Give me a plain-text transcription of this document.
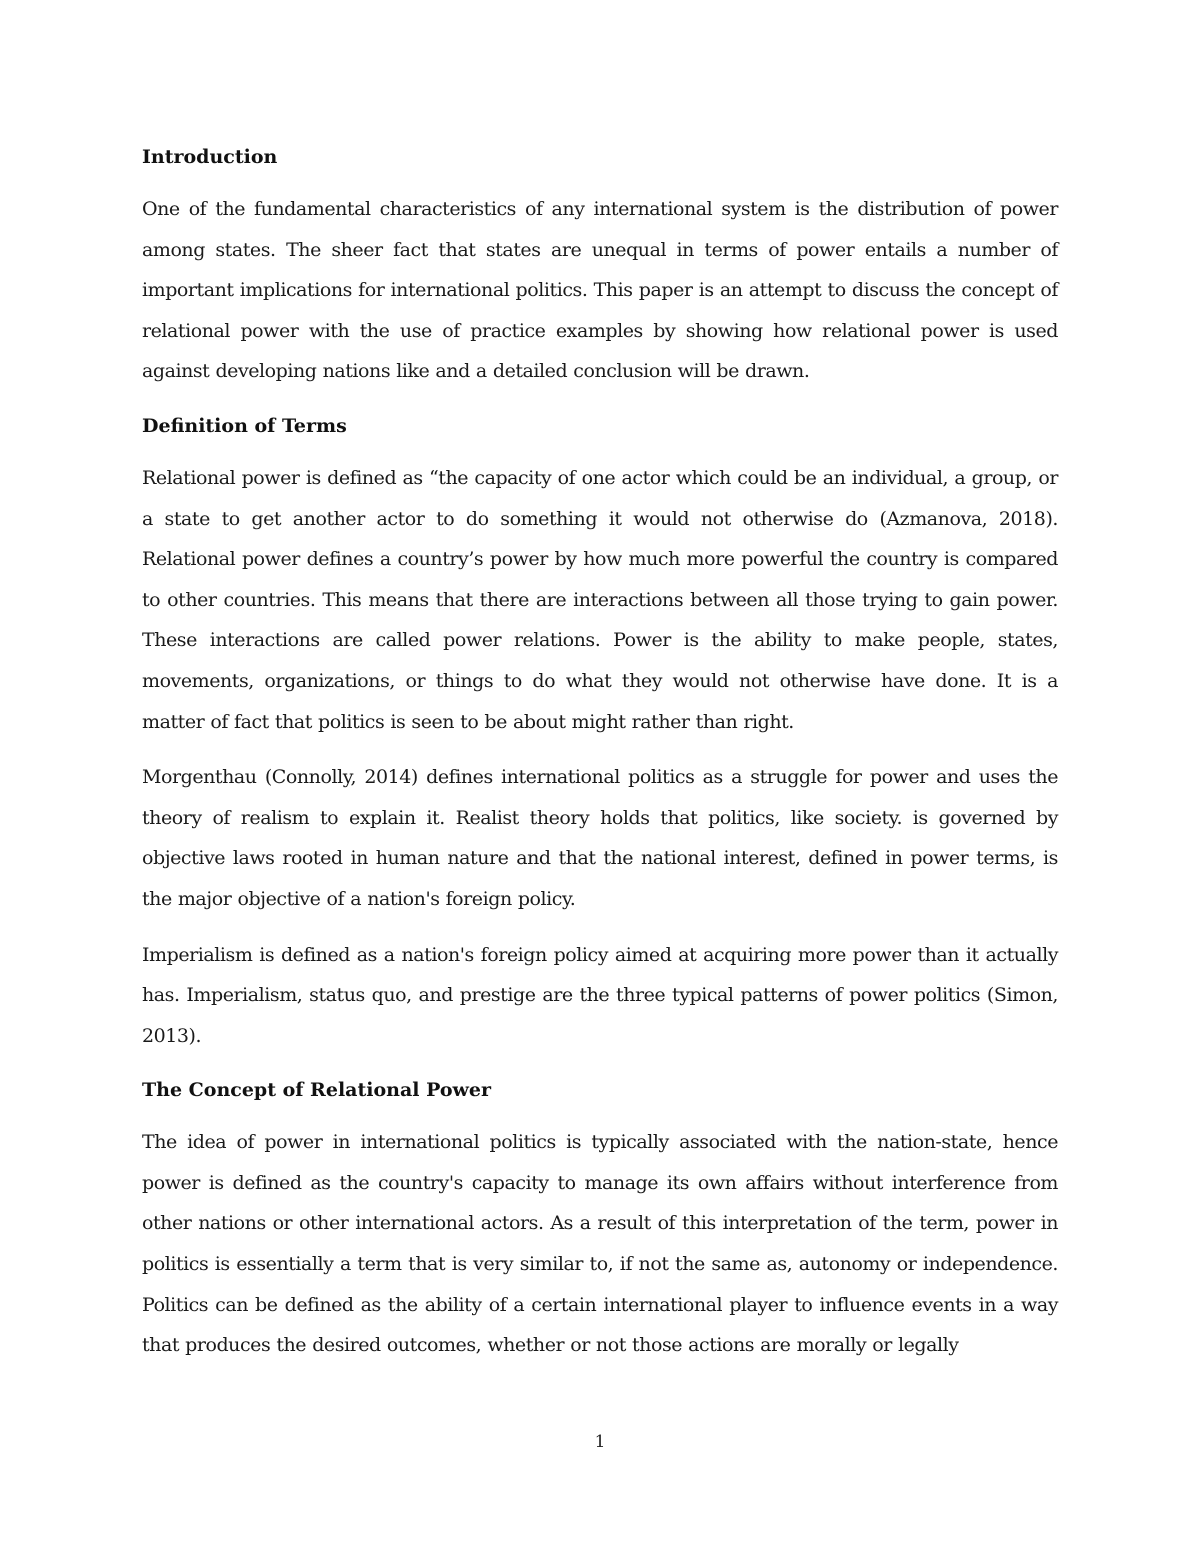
Introduction

One of the fundamental characteristics of any international system is the distribution of power among states. The sheer fact that states are unequal in terms of power entails a number of important implications for international politics. This paper is an attempt to discuss the concept of relational power with the use of practice examples by showing how relational power is used against developing nations like and a detailed conclusion will be drawn.

Definition of Terms

Relational power is defined as “the capacity of one actor which could be an individual, a group, or a state to get another actor to do something it would not otherwise do (Azmanova, 2018). Relational power defines a country’s power by how much more powerful the country is compared to other countries. This means that there are interactions between all those trying to gain power. These interactions are called power relations. Power is the ability to make people, states, movements, organizations, or things to do what they would not otherwise have done. It is a matter of fact that politics is seen to be about might rather than right.

Morgenthau (Connolly, 2014) defines international politics as a struggle for power and uses the theory of realism to explain it. Realist theory holds that politics, like society. is governed by objective laws rooted in human nature and that the national interest, defined in power terms, is the major objective of a nation's foreign policy.

Imperialism is defined as a nation's foreign policy aimed at acquiring more power than it actually has. Imperialism, status quo, and prestige are the three typical patterns of power politics (Simon, 2013).

The Concept of Relational Power

The idea of power in international politics is typically associated with the nation-state, hence power is defined as the country's capacity to manage its own affairs without interference from other nations or other international actors. As a result of this interpretation of the term, power in politics is essentially a term that is very similar to, if not the same as, autonomy or independence. Politics can be defined as the ability of a certain international player to influence events in a way that produces the desired outcomes, whether or not those actions are morally or legally

1
